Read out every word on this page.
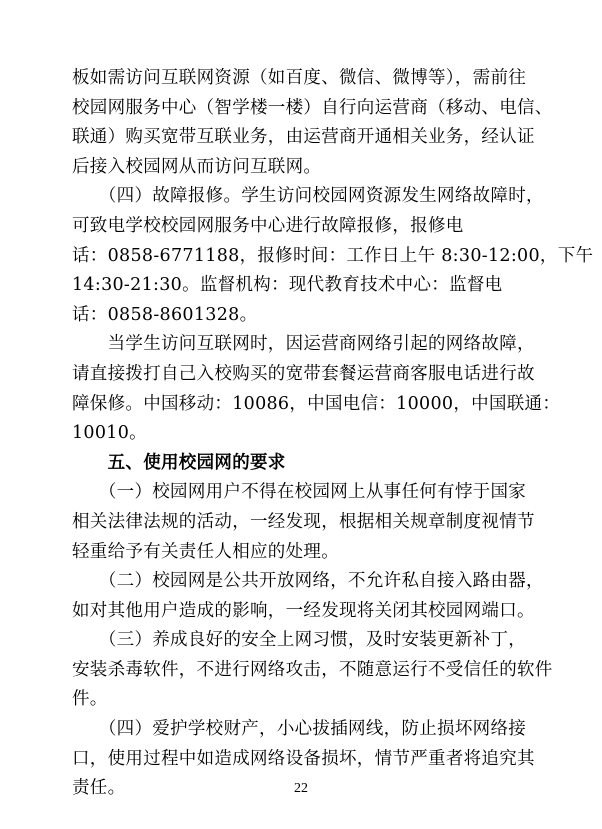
板如需访问互联网资源（如百度、微信、微博等），需前往
校园网服务中心（智学楼一楼）自行向运营商（移动、电信、
联通）购买宽带互联业务，由运营商开通相关业务，经认证
后接入校园网从而访问互联网。
　　（四）故障报修。学生访问校园网资源发生网络故障时，
可致电学校校园网服务中心进行故障报修，报修电
话：0858-6771188，报修时间：工作日上午 8:30-12:00，下午
14:30-21:30。监督机构：现代教育技术中心：监督电
话：0858-8601328。
　　当学生访问互联网时，因运营商网络引起的网络故障，
请直接拨打自己入校购买的宽带套餐运营商客服电话进行故
障保修。中国移动：10086，中国电信：10000，中国联通：
10010。
　　五、使用校园网的要求
　　（一）校园网用户不得在校园网上从事任何有悖于国家
相关法律法规的活动，一经发现，根据相关规章制度视情节
轻重给予有关责任人相应的处理。
　　（二）校园网是公共开放网络，不允许私自接入路由器，
如对其他用户造成的影响，一经发现将关闭其校园网端口。
　　（三）养成良好的安全上网习惯，及时安装更新补丁，
安装杀毒软件，不进行网络攻击，不随意运行不受信任的软件
件。
　　（四）爱护学校财产，小心拔插网线，防止损坏网络接
口，使用过程中如造成网络设备损坏，情节严重者将追究其
责任。	22
